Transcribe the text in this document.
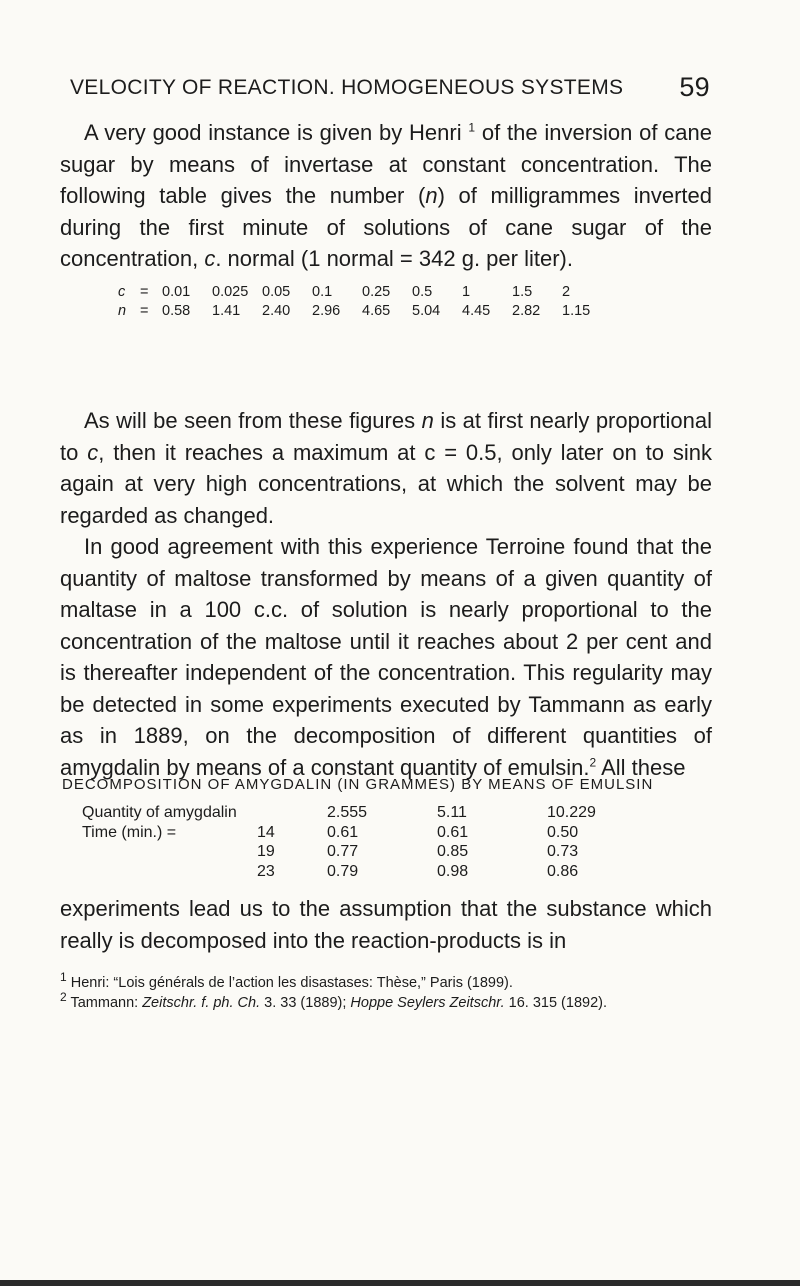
VELOCITY OF REACTION. HOMOGENEOUS SYSTEMS 59

A very good instance is given by Henri $^1$ of the inversion of cane sugar by means of invertase at constant concentration. The following table gives the number (n) of milligrammes inverted during the first minute of solutions of cane sugar of the concentration, c. normal (1 normal = 342 g. per liter).

c	=	0.01	0.025	0.05	0.1	0.25	0.5	1	1.5	2
n	=	0.58	1.41	2.40	2.96	4.65	5.04	4.45	2.82	1.15

As will be seen from these figures n is at first nearly proportional to c, then it reaches a maximum at c = 0.5, only later on to sink again at very high concentrations, at which the solvent may be regarded as changed.

In good agreement with this experience Terroine found that the quantity of maltose transformed by means of a given quantity of maltase in a 100 c.c. of solution is nearly proportional to the concentration of the maltose until it reaches about 2 per cent and is thereafter independent of the concentration. This regularity may be detected in some experiments executed by Tammann as early as in 1889, on the decomposition of different quantities of amygdalin by means of a constant quantity of emulsin.$^2$ All these

DECOMPOSITION OF AMYGDALIN (IN GRAMMES) BY MEANS OF EMULSIN
Quantity of amygdalin		2.555	5.11	10.229
Time (min.) =	14	0.61	0.61	0.50
	19	0.77	0.85	0.73
	23	0.79	0.98	0.86

experiments lead us to the assumption that the substance which really is decomposed into the reaction-products is in

$^1$ Henri: “Lois générals de l’action les disastases: Thèse,” Paris (1899).

$^2$ Tammann: Zeitschr. f. ph. Ch. 3. 33 (1889); Hoppe Seylers Zeitschr. 16. 315 (1892).
